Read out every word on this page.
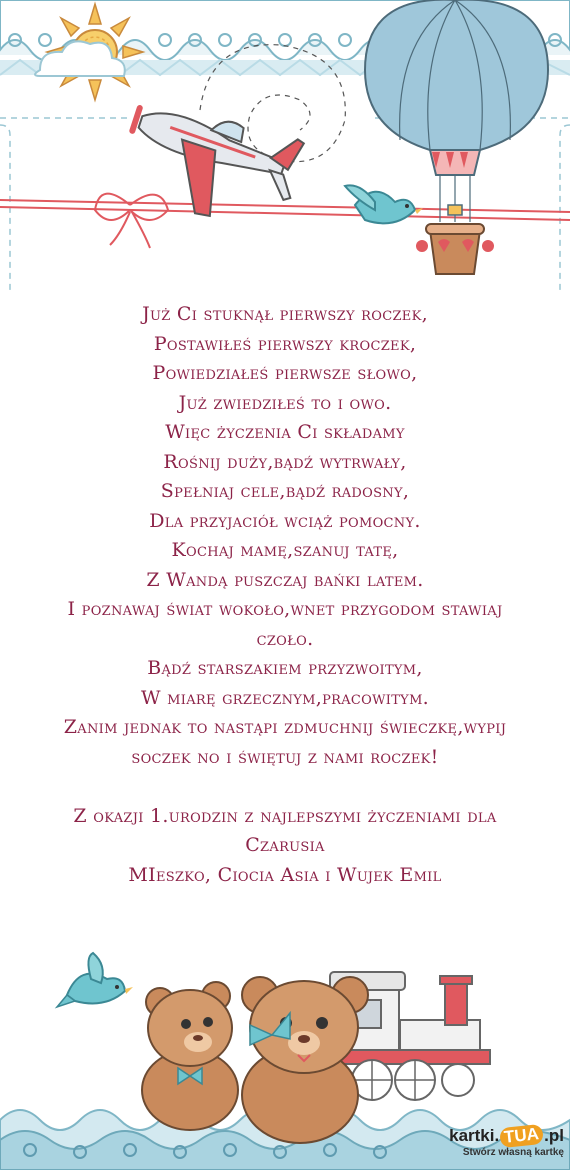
Już Ci stuknął pierwszy roczek,
Postawiłeś pierwszy kroczek,
Powiedziałeś pierwsze słowo,
Już zwiedziłeś to i owo.
Więc życzenia Ci składamy
Rośnij duży,bądź wytrwały,
Spełniaj cele,bądź radosny,
Dla przyjaciół wciąż pomocny.
Kochaj mamę,szanuj tatę,
Z Wandą puszczaj bańki latem.
I poznawaj świat wokoło,wnet przygodom stawiaj
czoło.
Bądź starszakiem przyzwoitym,
W miarę grzecznym,pracowitym.
Zanim jednak to nastąpi zdmuchnij świeczkę,wypij
soczek no i świętuj z nami roczek!
Z okazji 1.urodzin z najlepszymi życzeniami dla
Czarusia
MIeszko, Ciocia Asia i Wujek Emil
kartki. TUA .pl
Stwórz własną kartkę
